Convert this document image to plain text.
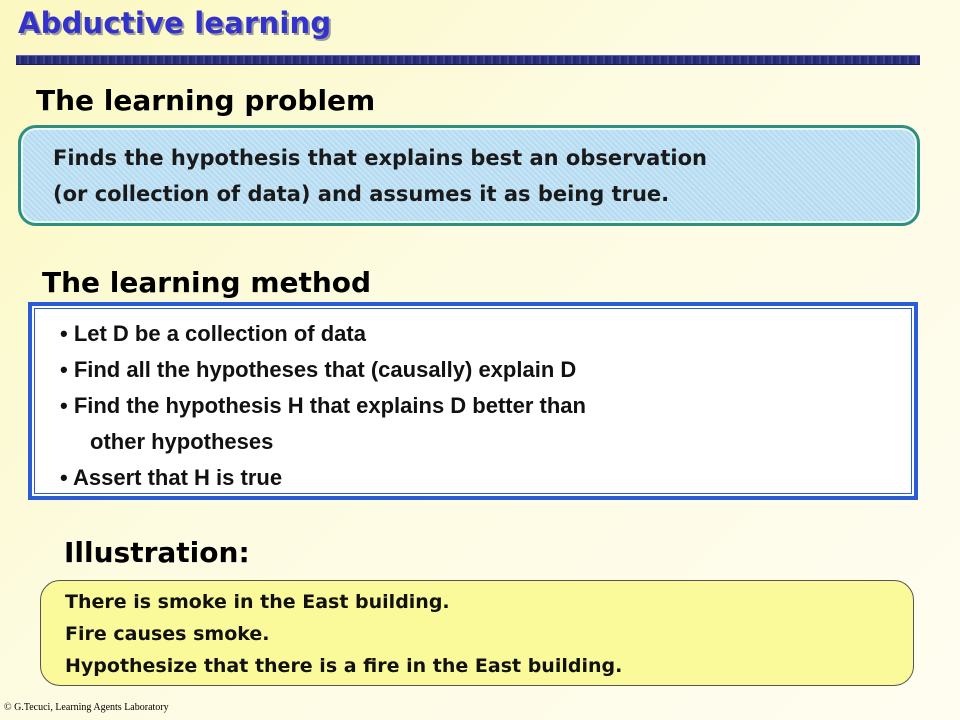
Abductive learning
The learning problem
Finds the hypothesis that explains best an observation
(or collection of data) and assumes it as being true.
The learning method
• Let D be a collection of data
• Find all the hypotheses that (causally) explain D
• Find the hypothesis H that explains D better than
other hypotheses
• Assert that H is true
Illustration:
There is smoke in the East building.
Fire causes smoke.
Hypothesize that there is a fire in the East building.
© G.Tecuci, Learning Agents Laboratory
